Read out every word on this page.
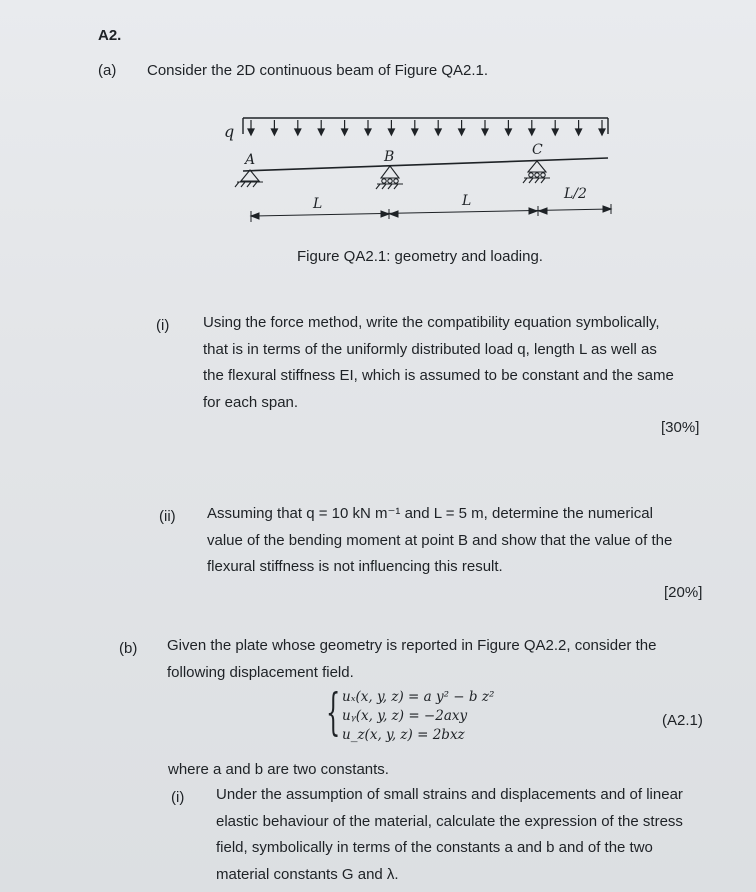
A2.
(a) Consider the 2D continuous beam of Figure QA2.1.
q
A	B	C
L	L	L/2
Figure QA2.1: geometry and loading.
(i) Using the force method, write the compatibility equation symbolically,
that is in terms of the uniformly distributed load q, length L as well as
the flexural stiffness EI, which is assumed to be constant and the same
for each span.
[30%]
(ii) Assuming that q = 10 kN m⁻¹ and L = 5 m, determine the numerical
value of the bending moment at point B and show that the value of the
flexural stiffness is not influencing this result.
[20%]
(b) Given the plate whose geometry is reported in Figure QA2.2, consider the
following displacement field.
{ uₓ(x, y, z) = a y² − b z²
uᵧ(x, y, z) = −2axy
u_z(x, y, z) = 2bxz
(A2.1)
where a and b are two constants.
(i) Under the assumption of small strains and displacements and of linear
elastic behaviour of the material, calculate the expression of the stress
field, symbolically in terms of the constants a and b and of the two
material constants G and λ.
